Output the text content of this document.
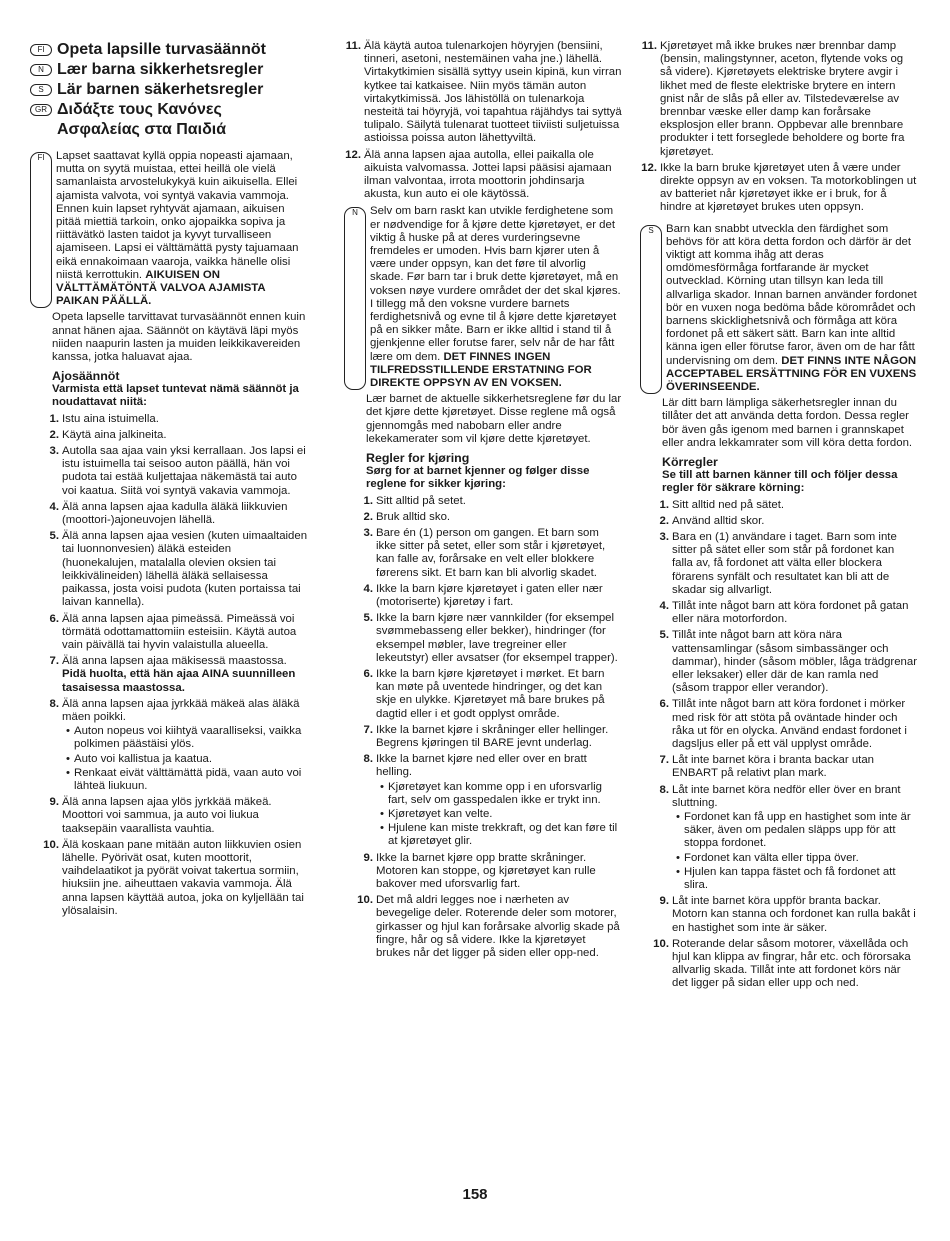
FI Opeta lapsille turvasäännöt
N Lær barna sikkerhetsregler
S Lär barnen säkerhetsregler
GR Διδάξτε τους Κανόνες Ασφαλείας στα Παιδιά
FI	Lapset saattavat kyllä oppia nopeasti ajamaan, mutta on syytä muistaa, ettei heillä ole vielä samanlaista arvostelukykyä kuin aikuisella. Ellei ajamista valvota, voi syntyä vakavia vammoja. Ennen kuin lapset ryhtyvät ajamaan, aikuisen pitää miettiä tarkoin, onko ajopaikka sopiva ja riittävätkö lasten taidot ja kyvyt turvalliseen ajamiseen. Lapsi ei välttämättä pysty tajuamaan eikä ennakoimaan vaaroja, vaikka hänelle olisi niistä kerrottukin. AIKUISEN ON VÄLTTÄMÄTÖNTÄ VALVOA AJAMISTA PAIKAN PÄÄLLÄ.
Opeta lapselle tarvittavat turvasäännöt ennen kuin annat hänen ajaa. Säännöt on käytävä läpi myös niiden naapurin lasten ja muiden leikkikavereiden kanssa, jotka haluavat ajaa.
Ajosäännöt
Varmista että lapset tuntevat nämä säännöt ja noudattavat niitä:
1. Istu aina istuimella.
2. Käytä aina jalkineita.
3. Autolla saa ajaa vain yksi kerrallaan. Jos lapsi ei istu istuimella tai seisoo auton päällä, hän voi pudota tai estää kuljettajaa näkemästä tai auto voi kaatua. Siitä voi syntyä vakavia vammoja.
4. Älä anna lapsen ajaa kadulla äläkä liikkuvien (moottori-)ajoneuvojen lähellä.
5. Älä anna lapsen ajaa vesien (kuten uimaaltaiden tai luonnonvesien) äläkä esteiden (huonekalujen, matalalla olevien oksien tai leikkivälineiden) lähellä äläkä sellaisessa paikassa, josta voisi pudota (kuten portaissa tai laivan kannella).
6. Älä anna lapsen ajaa pimeässä. Pimeässä voi törmätä odottamattomiin esteisiin. Käytä autoa vain päivällä tai hyvin valaistulla alueella.
7. Älä anna lapsen ajaa mäkisessä maastossa. Pidä huolta, että hän ajaa AINA suunnilleen tasaisessa maastossa.
8. Älä anna lapsen ajaa jyrkkää mäkeä alas äläkä mäen poikki.
• Auton nopeus voi kiihtyä vaaralliseksi, vaikka polkimen päästäisi ylös.
• Auto voi kallistua ja kaatua.
• Renkaat eivät välttämättä pidä, vaan auto voi lähteä liukuun.
9. Älä anna lapsen ajaa ylös jyrkkää mäkeä. Moottori voi sammua, ja auto voi liukua taaksepäin vaarallista vauhtia.
10. Älä koskaan pane mitään auton liikkuvien osien lähelle. Pyörivät osat, kuten moottorit, vaihdelaatikot ja pyörät voivat takertua sormiin, hiuksiin jne. aiheuttaen vakavia vammoja. Älä anna lapsen käyttää autoa, joka on kyljellään tai ylösalaisin.
11. Älä käytä autoa tulenarkojen höyryjen (bensiini, tinneri, asetoni, nestemäinen vaha jne.) lähellä. Virtakytkimien sisällä syttyy usein kipinä, kun virran kytkee tai katkaisee. Niin myös tämän auton virtakytkimissä. Jos lähistöllä on tulenarkoja nesteitä tai höyryjä, voi tapahtua räjähdys tai syttyä tulipalo. Säilytä tulenarat tuotteet tiiviisti suljetuissa astioissa poissa auton lähettyviltä.
12. Älä anna lapsen ajaa autolla, ellei paikalla ole aikuista valvomassa. Jottei lapsi pääsisi ajamaan ilman valvontaa, irrota moottorin johdinsarja akusta, kun auto ei ole käytössä.
N	Selv om barn raskt kan utvikle ferdighetene som er nødvendige for å kjøre dette kjøretøyet, er det viktig å huske på at deres vurderingsevne fremdeles er umoden. Hvis barn kjører uten å være under oppsyn, kan det føre til alvorlig skade. Før barn tar i bruk dette kjøretøyet, må en voksen nøye vurdere området der det skal kjøres. I tillegg må den voksne vurdere barnets ferdighetsnivå og evne til å kjøre dette kjøretøyet på en sikker måte. Barn er ikke alltid i stand til å gjenkjenne eller forutse farer, selv når de har fått lære om dem. DET FINNES INGEN TILFREDSSTILLENDE ERSTATNING FOR DIREKTE OPPSYN AV EN VOKSEN.
Lær barnet de aktuelle sikkerhetsreglene før du lar det kjøre dette kjøretøyet. Disse reglene må også gjennomgås med nabobarn eller andre lekekamerater som vil kjøre dette kjøretøyet.
Regler for kjøring
Sørg for at barnet kjenner og følger disse reglene for sikker kjøring:
1. Sitt alltid på setet.
2. Bruk alltid sko.
3. Bare én (1) person om gangen. Et barn som ikke sitter på setet, eller som står i kjøretøyet, kan falle av, forårsake en velt eller blokkere førerens sikt. Et barn kan bli alvorlig skadet.
4. Ikke la barn kjøre kjøretøyet i gaten eller nær (motoriserte) kjøretøy i fart.
5. Ikke la barn kjøre nær vannkilder (for eksempel svømmebasseng eller bekker), hindringer (for eksempel møbler, lave tregreiner eller lekeutstyr) eller avsatser (for eksempel trapper).
6. Ikke la barn kjøre kjøretøyet i mørket. Et barn kan møte på uventede hindringer, og det kan skje en ulykke. Kjøretøyet må bare brukes på dagtid eller i et godt opplyst område.
7. Ikke la barnet kjøre i skråninger eller hellinger. Begrens kjøringen til BARE jevnt underlag.
8. Ikke la barnet kjøre ned eller over en bratt helling.
• Kjøretøyet kan komme opp i en uforsvarlig fart, selv om gasspedalen ikke er trykt inn.
• Kjøretøyet kan velte.
• Hjulene kan miste trekkraft, og det kan føre til at kjøretøyet glir.
9. Ikke la barnet kjøre opp bratte skråninger. Motoren kan stoppe, og kjøretøyet kan rulle bakover med uforsvarlig fart.
10. Det må aldri legges noe i nærheten av bevegelige deler. Roterende deler som motorer, girkasser og hjul kan forårsake alvorlig skade på fingre, hår og så videre. Ikke la kjøretøyet brukes når det ligger på siden eller opp-ned.
11. Kjøretøyet må ikke brukes nær brennbar damp (bensin, malingstynner, aceton, flytende voks og så videre). Kjøretøyets elektriske brytere avgir i likhet med de fleste elektriske brytere en intern gnist når de slås på eller av. Tilstedeværelse av brennbar væske eller damp kan forårsake eksplosjon eller brann. Oppbevar alle brennbare produkter i tett forseglede beholdere og borte fra kjøretøyet.
12. Ikke la barn bruke kjøretøyet uten å være under direkte oppsyn av en voksen. Ta motorkoblingen ut av batteriet når kjøretøyet ikke er i bruk, for å hindre at kjøretøyet brukes uten oppsyn.
S	Barn kan snabbt utveckla den färdighet som behövs för att köra detta fordon och därför är det viktigt att komma ihåg att deras omdömesförmåga fortfarande är mycket outvecklad. Körning utan tillsyn kan leda till allvarliga skador. Innan barnen använder fordonet bör en vuxen noga bedöma både körområdet och barnens skicklighetsnivå och förmåga att köra fordonet på ett säkert sätt. Barn kan inte alltid känna igen eller förutse faror, även om de har fått undervisning om dem. DET FINNS INTE NÅGON ACCEPTABEL ERSÄTTNING FÖR EN VUXENS ÖVERINSEENDE.
Lär ditt barn lämpliga säkerhetsregler innan du tillåter det att använda detta fordon. Dessa regler bör även gås igenom med barnen i grannskapet eller andra lekkamrater som vill köra detta fordon.
Körregler
Se till att barnen känner till och följer dessa regler för säkrare körning:
1. Sitt alltid ned på sätet.
2. Använd alltid skor.
3. Bara en (1) användare i taget. Barn som inte sitter på sätet eller som står på fordonet kan falla av, få fordonet att välta eller blockera förarens synfält och resultatet kan bli att de skadar sig allvarligt.
4. Tillåt inte något barn att köra fordonet på gatan eller nära motorfordon.
5. Tillåt inte något barn att köra nära vattensamlingar (såsom simbassänger och dammar), hinder (såsom möbler, låga trädgrenar eller leksaker) eller där de kan ramla ned (såsom trappor eller verandor).
6. Tillåt inte något barn att köra fordonet i mörker med risk för att stöta på oväntade hinder och råka ut för en olycka. Använd endast fordonet i dagsljus eller på ett väl upplyst område.
7. Låt inte barnet köra i branta backar utan ENBART på relativt plan mark.
8. Låt inte barnet köra nedför eller över en brant sluttning.
• Fordonet kan få upp en hastighet som inte är säker, även om pedalen släpps upp för att stoppa fordonet.
• Fordonet kan välta eller tippa över.
• Hjulen kan tappa fästet och få fordonet att slira.
9. Låt inte barnet köra uppför branta backar. Motorn kan stanna och fordonet kan rulla bakåt i en hastighet som inte är säker.
10. Roterande delar såsom motorer, växellåda och hjul kan klippa av fingrar, hår etc. och förorsaka allvarlig skada. Tillåt inte att fordonet körs när det ligger på sidan eller upp och ned.
158
